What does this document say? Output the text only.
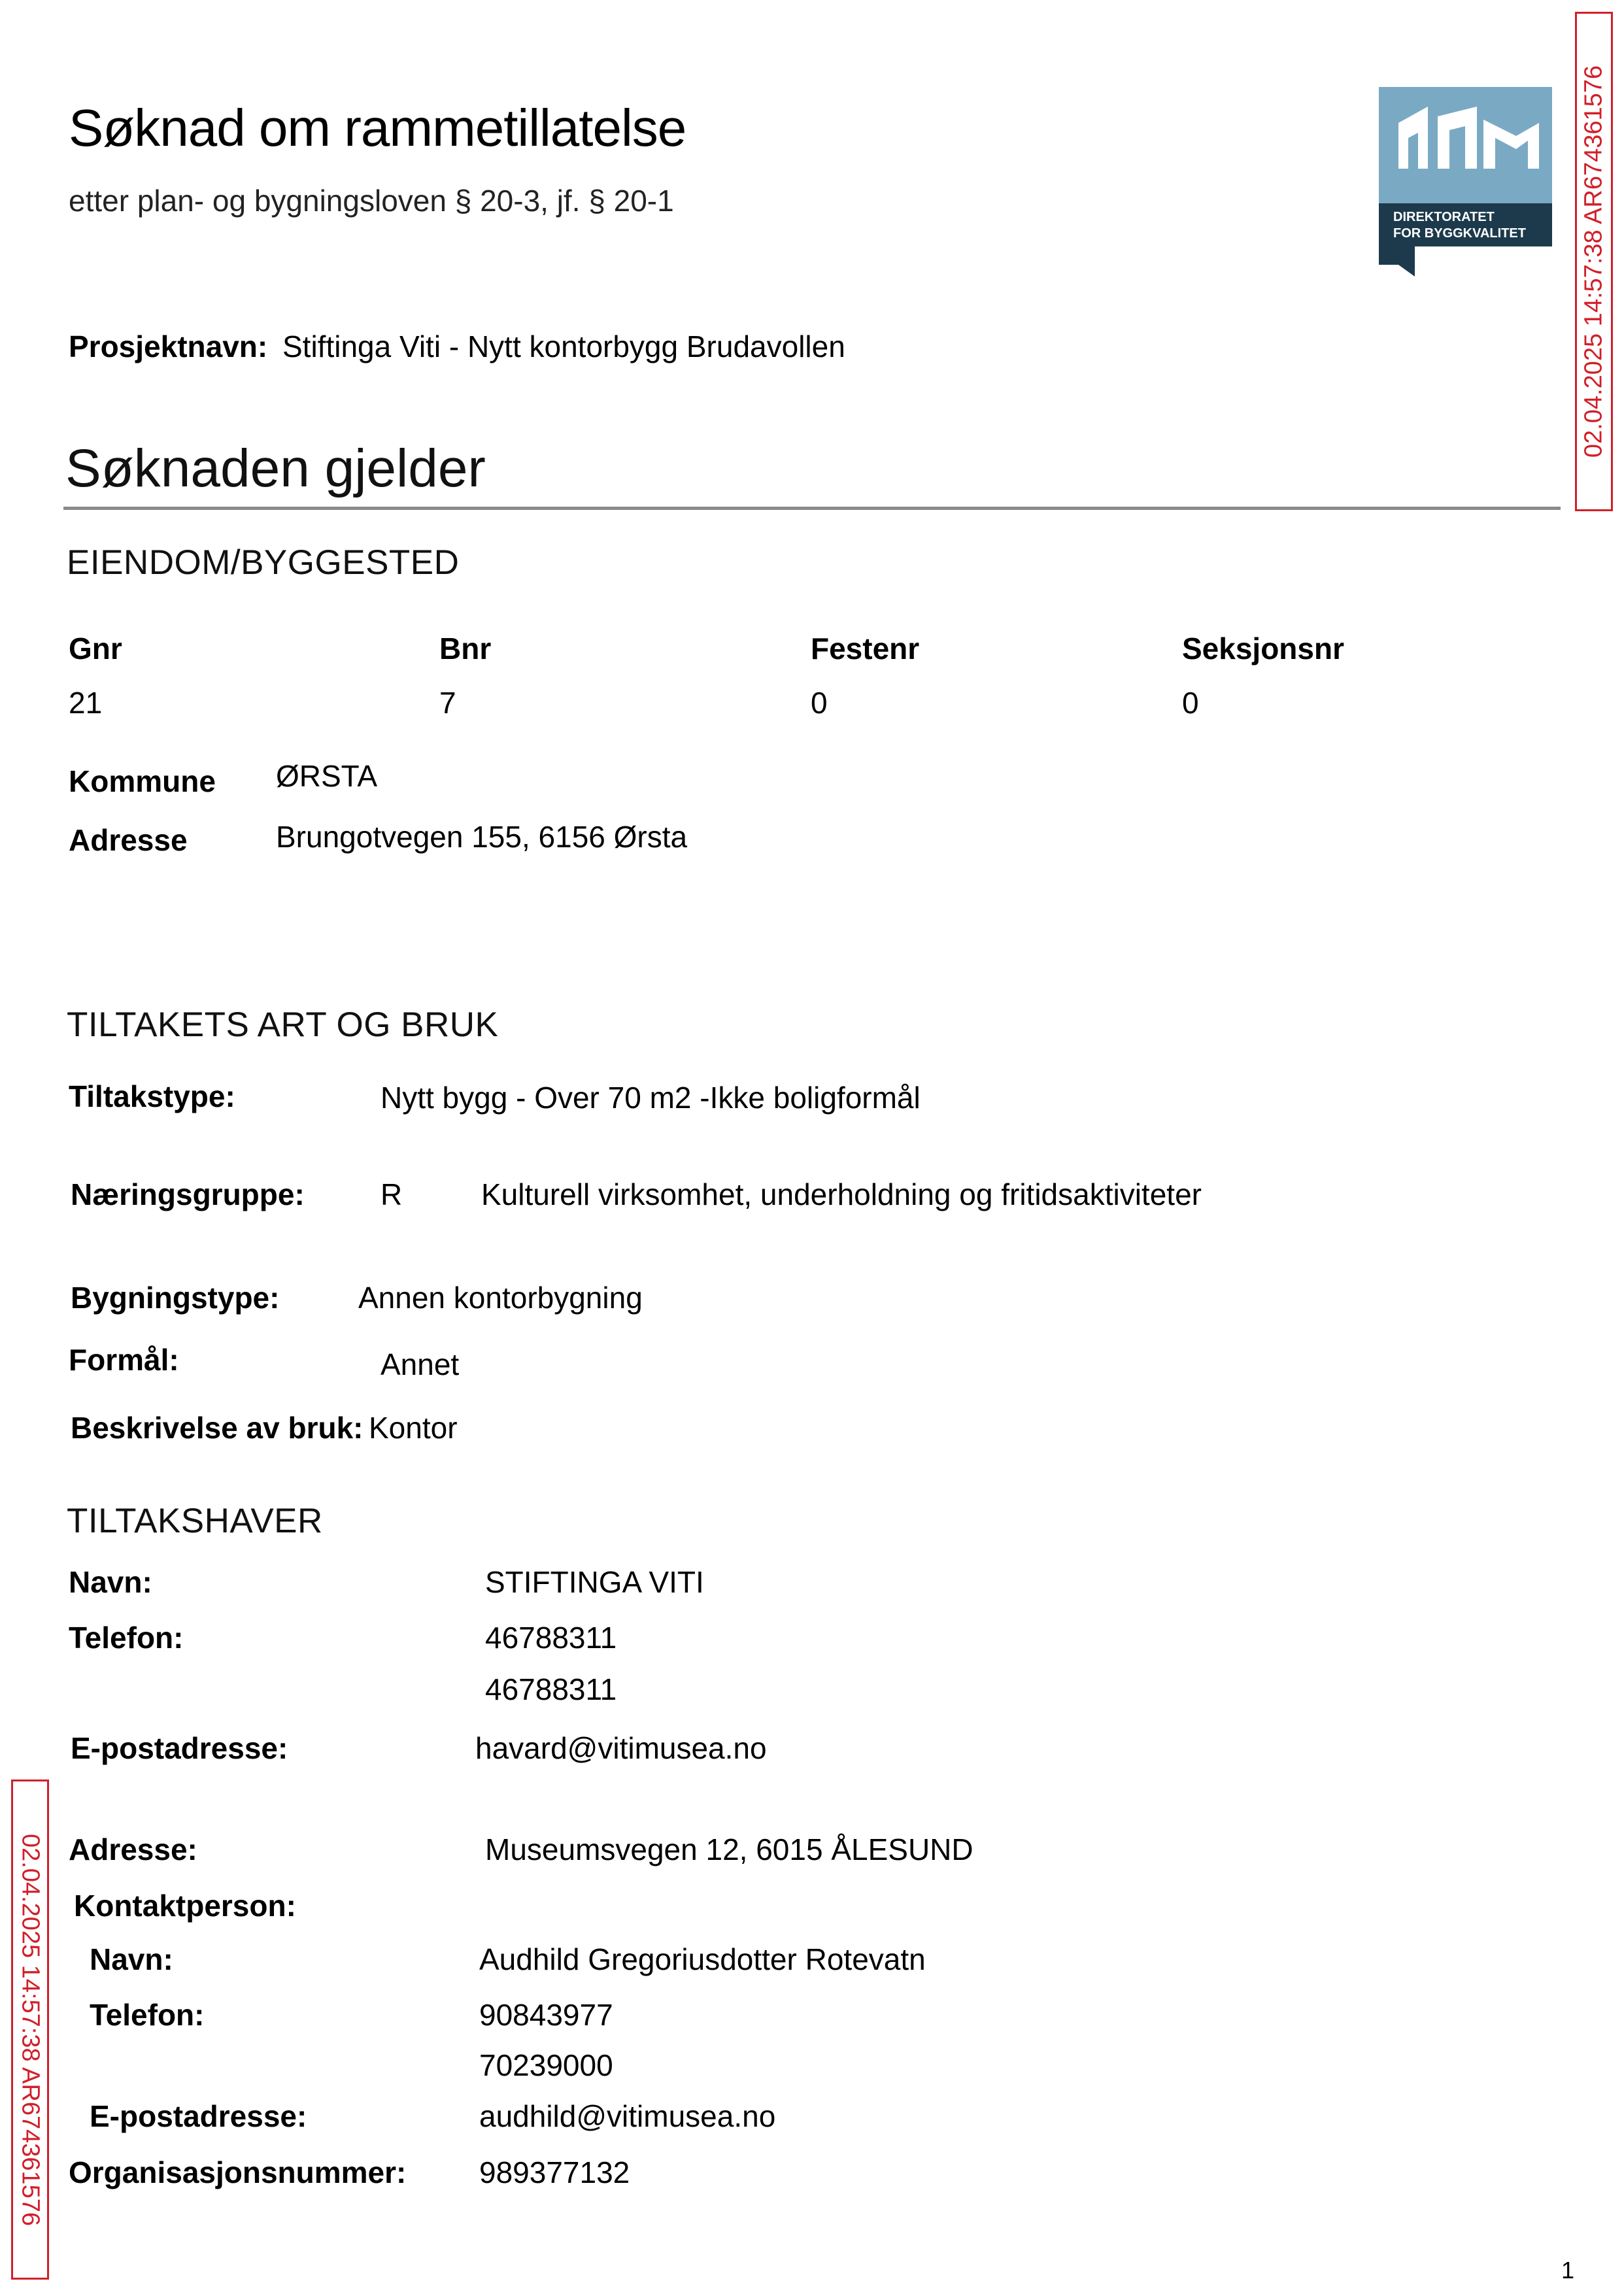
Søknad om rammetillatelse
etter plan- og bygningsloven § 20-3, jf. § 20-1	DIREKTORATET
FOR BYGGKVALITET 02.04.2025 14:57:38 AR674361576
02.04.2025 14:57:38 AR674361576
Prosjektnavn: Stiftinga Viti - Nytt kontorbygg Brudavollen
Søknaden gjelder
EIENDOM/BYGGESTED
Gnr	Bnr	Festenr	Seksjonsnr
21	7	0	0
Kommune ØRSTA
Adresse	Brungotvegen 155, 6156 Ørsta
TILTAKETS ART OG BRUK
Tiltakstype:	Nytt bygg - Over 70 m2 -Ikke boligformål
Næringsgruppe:	R	Kulturell virksomhet, underholdning og fritidsaktiviteter
Bygningstype:	Annen kontorbygning
Formål:	Annet
Beskrivelse av bruk: Kontor
TILTAKSHAVER
Navn:	STIFTINGA VITI
Telefon:	46788311
46788311
E-postadresse:	havard@vitimusea.no
Adresse:	Museumsvegen 12, 6015 ÅLESUND
Kontaktperson:
Navn:	Audhild Gregoriusdotter Rotevatn
Telefon:	90843977
70239000
E-postadresse:	audhild@vitimusea.no
Organisasjonsnummer: 989377132
1
